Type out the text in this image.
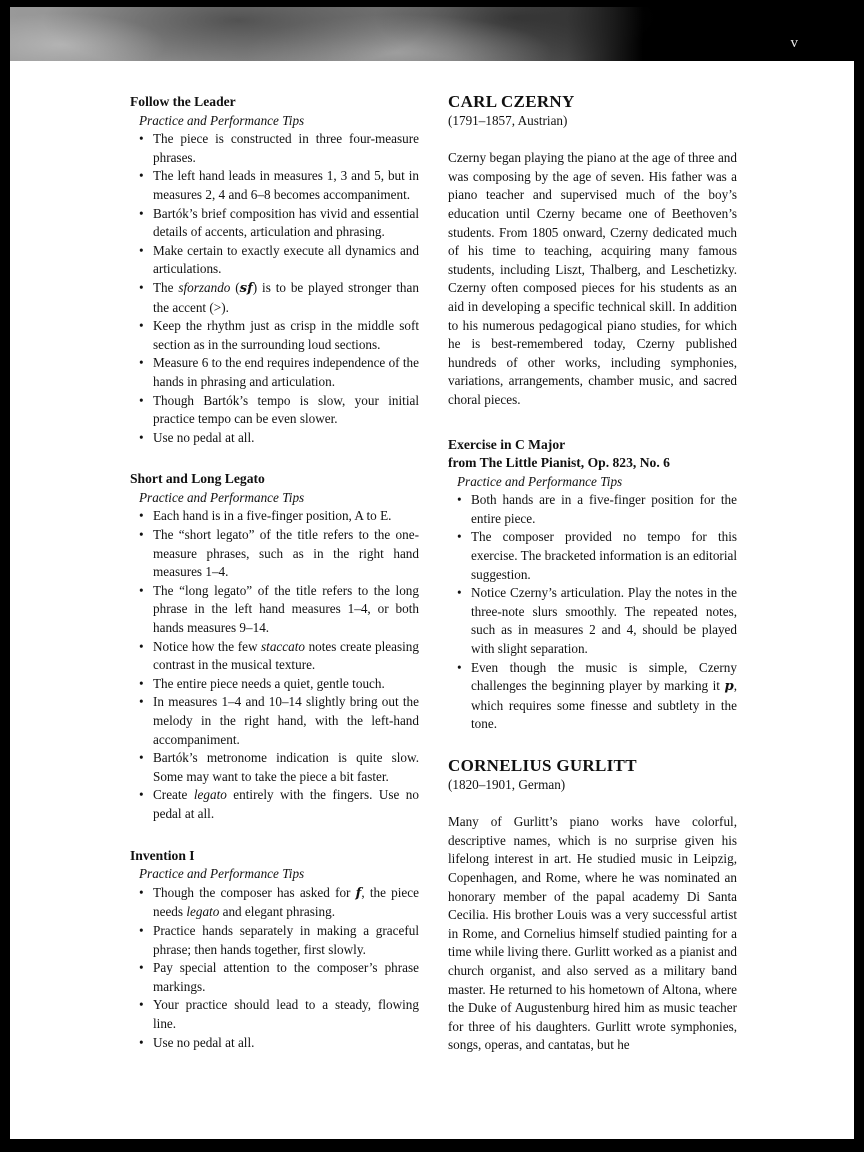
v
Follow the Leader
Practice and Performance Tips
• The piece is constructed in three four-measure phrases.
• The left hand leads in measures 1, 3 and 5, but in measures 2, 4 and 6–8 becomes accompaniment.
• Bartók’s brief composition has vivid and essential details of accents, articulation and phrasing.
• Make certain to exactly execute all dynamics and articulations.
• The sforzando (sf) is to be played stronger than the accent (>).
• Keep the rhythm just as crisp in the middle soft section as in the surrounding loud sections.
• Measure 6 to the end requires independence of the hands in phrasing and articulation.
• Though Bartók’s tempo is slow, your initial practice tempo can be even slower.
• Use no pedal at all.
Short and Long Legato
Practice and Performance Tips
• Each hand is in a five-finger position, A to E.
• The “short legato” of the title refers to the one-measure phrases, such as in the right hand measures 1–4.
• The “long legato” of the title refers to the long phrase in the left hand measures 1–4, or both hands measures 9–14.
• Notice how the few staccato notes create pleasing contrast in the musical texture.
• The entire piece needs a quiet, gentle touch.
• In measures 1–4 and 10–14 slightly bring out the melody in the right hand, with the left-hand accompaniment.
• Bartók’s metronome indication is quite slow. Some may want to take the piece a bit faster.
• Create legato entirely with the fingers. Use no pedal at all.
Invention I
Practice and Performance Tips
• Though the composer has asked for f, the piece needs legato and elegant phrasing.
• Practice hands separately in making a graceful phrase; then hands together, first slowly.
• Pay special attention to the composer’s phrase markings.
• Your practice should lead to a steady, flowing line.
• Use no pedal at all.
CARL CZERNY
(1791–1857, Austrian)

Czerny began playing the piano at the age of three and was composing by the age of seven. His father was a piano teacher and supervised much of the boy’s education until Czerny became one of Beethoven’s students. From 1805 onward, Czerny dedicated much of his time to teaching, acquiring many famous students, including Liszt, Thalberg, and Leschetizky. Czerny often composed pieces for his students as an aid in developing a specific technical skill. In addition to his numerous pedagogical piano studies, for which he is best-remembered today, Czerny published hundreds of other works, including symphonies, variations, arrangements, chamber music, and sacred choral pieces.

Exercise in C Major
from The Little Pianist, Op. 823, No. 6
Practice and Performance Tips
• Both hands are in a five-finger position for the entire piece.
• The composer provided no tempo for this exercise. The bracketed information is an editorial suggestion.
• Notice Czerny’s articulation. Play the notes in the three-note slurs smoothly. The repeated notes, such as in measures 2 and 4, should be played with slight separation.
• Even though the music is simple, Czerny challenges the beginning player by marking it p, which requires some finesse and subtlety in the tone.
CORNELIUS GURLITT
(1820–1901, German)

Many of Gurlitt’s piano works have colorful, descriptive names, which is no surprise given his lifelong interest in art. He studied music in Leipzig, Copenhagen, and Rome, where he was nominated an honorary member of the papal academy Di Santa Cecilia. His brother Louis was a very successful artist in Rome, and Cornelius himself studied painting for a time while living there. Gurlitt worked as a pianist and church organist, and also served as a military band master. He returned to his hometown of Altona, where the Duke of Augustenburg hired him as music teacher for three of his daughters. Gurlitt wrote symphonies, songs, operas, and cantatas, but he
